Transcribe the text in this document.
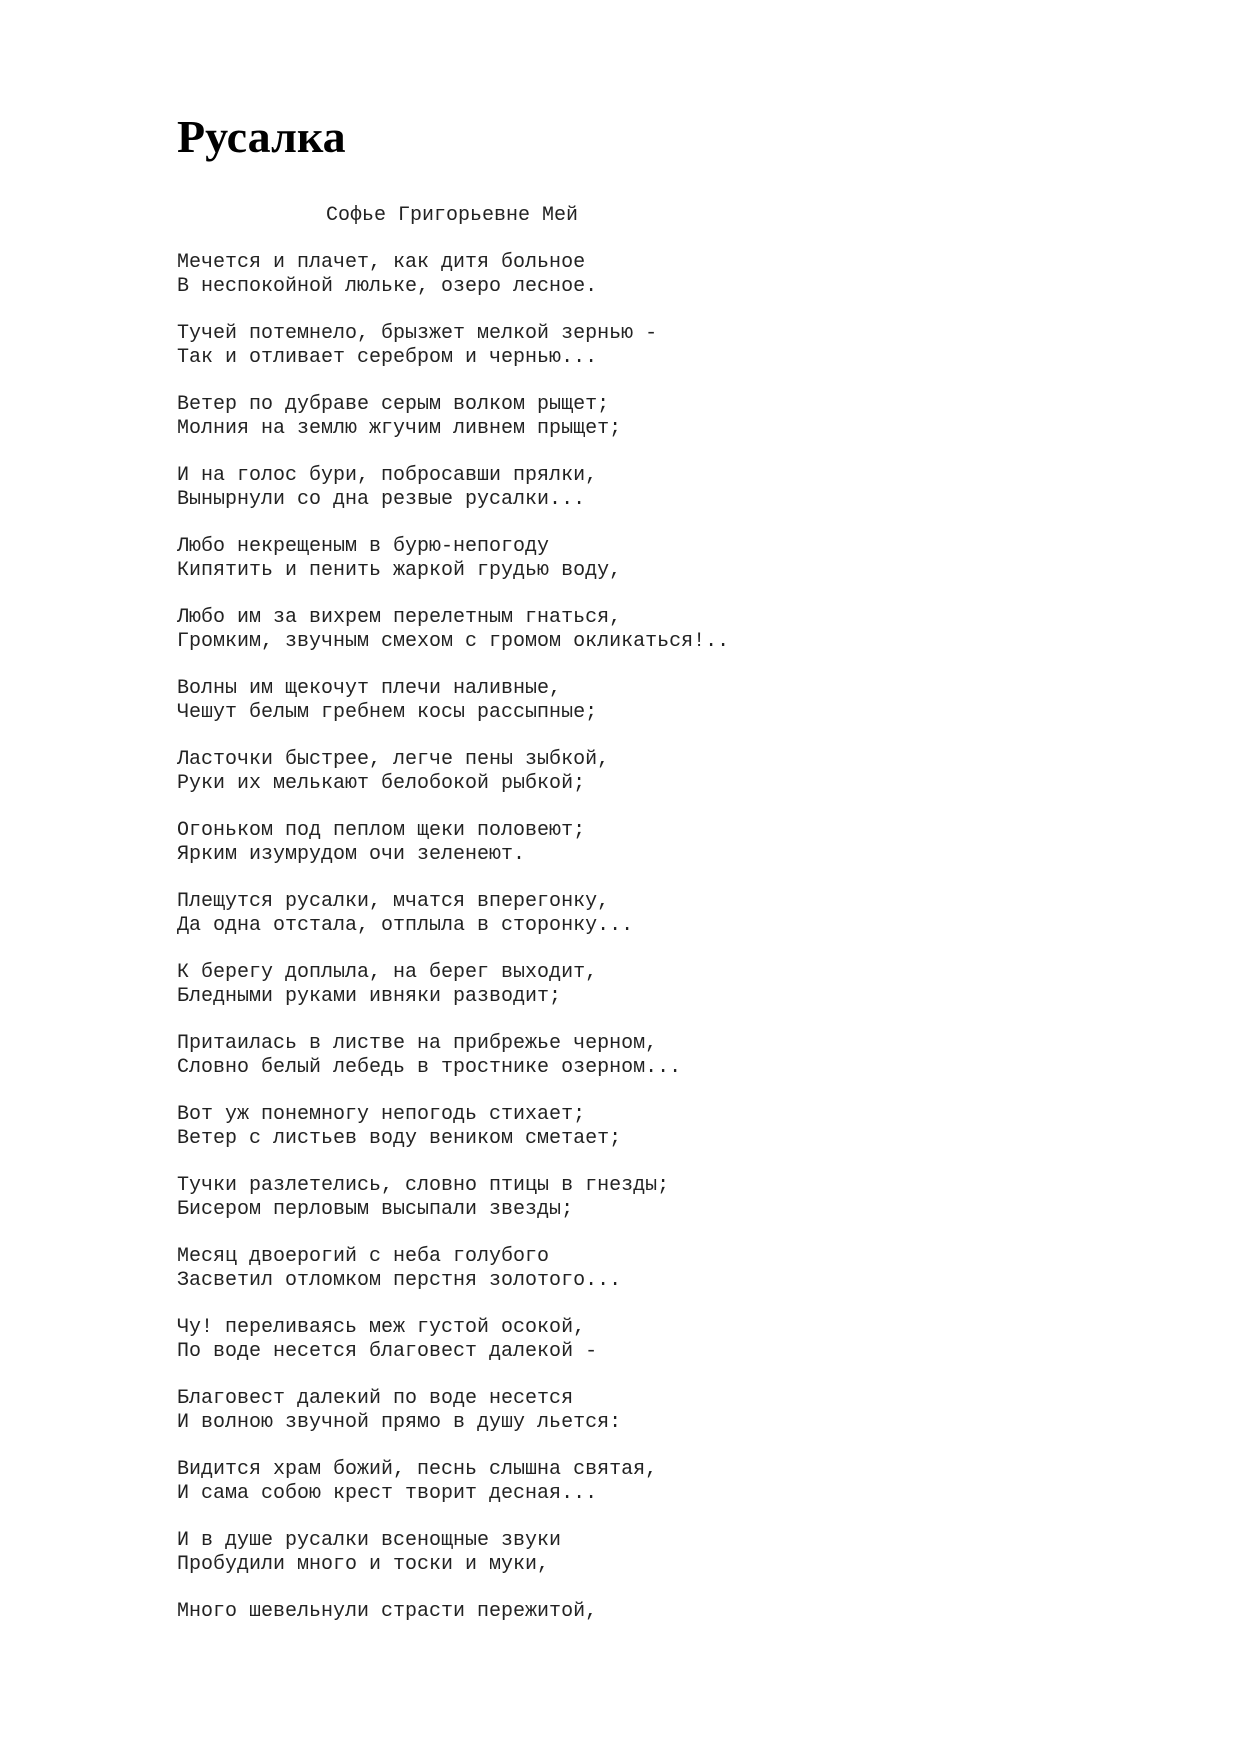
Русалка
Софье Григорьевне Мей
Мечется и плачет, как дитя больное
В неспокойной люльке, озеро лесное.
Тучей потемнело, брызжет мелкой зернью -
Так и отливает серебром и чернью...
Ветер по дубраве серым волком рыщет;
Молния на землю жгучим ливнем прыщет;
И на голос бури, побросавши прялки,
Вынырнули со дна резвые русалки...
Любо некрещеным в бурю-непогоду
Кипятить и пенить жаркой грудью воду,
Любо им за вихрем перелетным гнаться,
Громким, звучным смехом с громом окликаться!..
Волны им щекочут плечи наливные,
Чешут белым гребнем косы рассыпные;
Ласточки быстрее, легче пены зыбкой,
Руки их мелькают белобокой рыбкой;
Огоньком под пеплом щеки половеют;
Ярким изумрудом очи зеленеют.
Плещутся русалки, мчатся вперегонку,
Да одна отстала, отплыла в сторонку...
К берегу доплыла, на берег выходит,
Бледными руками ивняки разводит;
Притаилась в листве на прибрежье черном,
Словно белый лебедь в тростнике озерном...
Вот уж понемногу непогодь стихает;
Ветер с листьев воду веником сметает;
Тучки разлетелись, словно птицы в гнезды;
Бисером перловым высыпали звезды;
Месяц двоерогий с неба голубого
Засветил отломком перстня золотого...
Чу! переливаясь меж густой осокой,
По воде несется благовест далекой -
Благовест далекий по воде несется
И волною звучной прямо в душу льется:
Видится храм божий, песнь слышна святая,
И сама собою крест творит десная...
И в душе русалки всенощные звуки
Пробудили много и тоски и муки,
Много шевельнули страсти пережитой,
